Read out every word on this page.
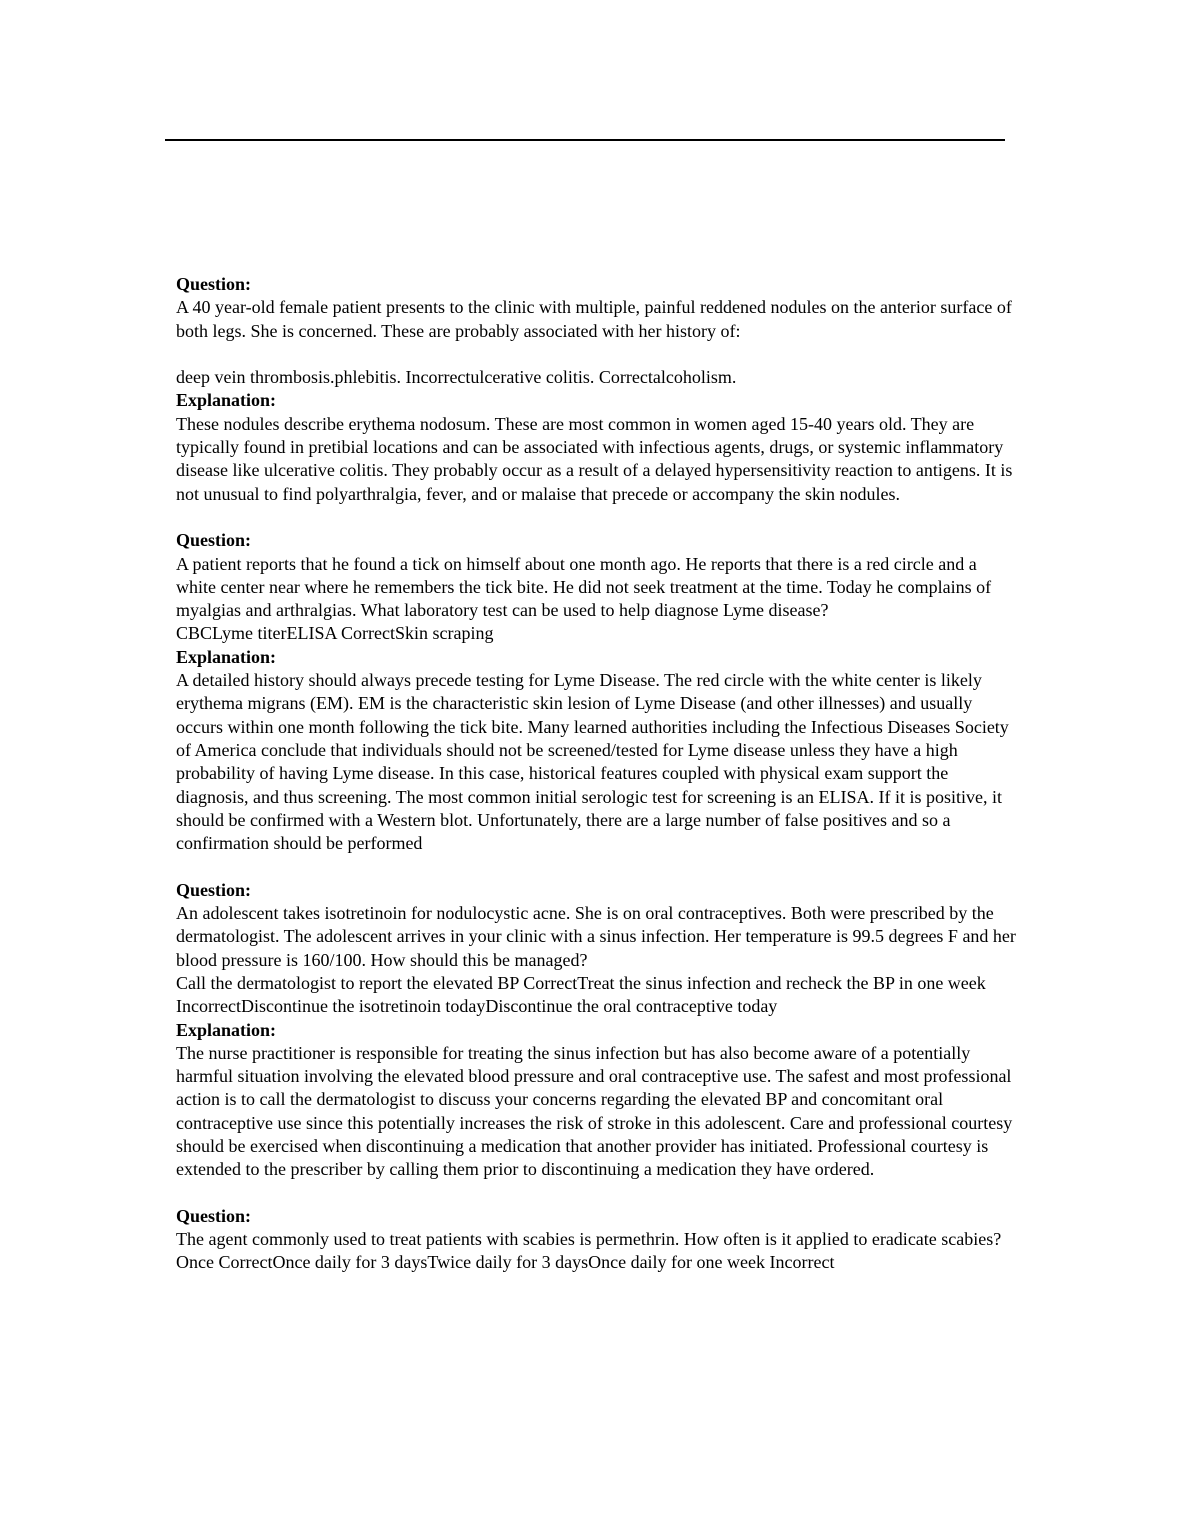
Question:

A 40 year-old female patient presents to the clinic with multiple, painful reddened nodules on the anterior surface of both legs. She is concerned. These are probably associated with her history of:

deep vein thrombosis.phlebitis. Incorrectulcerative colitis. Correctalcoholism.

Explanation:

These nodules describe erythema nodosum. These are most common in women aged 15-40 years old. They are typically found in pretibial locations and can be associated with infectious agents, drugs, or systemic inflammatory disease like ulcerative colitis. They probably occur as a result of a delayed hypersensitivity reaction to antigens. It is not unusual to find polyarthralgia, fever, and or malaise that precede or accompany the skin nodules.

Question:

A patient reports that he found a tick on himself about one month ago. He reports that there is a red circle and a white center near where he remembers the tick bite. He did not seek treatment at the time. Today he complains of myalgias and arthralgias. What laboratory test can be used to help diagnose Lyme disease?

CBCLyme titerELISA CorrectSkin scraping

Explanation:

A detailed history should always precede testing for Lyme Disease. The red circle with the white center is likely erythema migrans (EM). EM is the characteristic skin lesion of Lyme Disease (and other illnesses) and usually occurs within one month following the tick bite. Many learned authorities including the Infectious Diseases Society of America conclude that individuals should not be screened/tested for Lyme disease unless they have a high probability of having Lyme disease. In this case, historical features coupled with physical exam support the diagnosis, and thus screening. The most common initial serologic test for screening is an ELISA. If it is positive, it should be confirmed with a Western blot. Unfortunately, there are a large number of false positives and so a confirmation should be performed

Question:

An adolescent takes isotretinoin for nodulocystic acne. She is on oral contraceptives. Both were prescribed by the dermatologist. The adolescent arrives in your clinic with a sinus infection. Her temperature is 99.5 degrees F and her blood pressure is 160/100. How should this be managed?

Call the dermatologist to report the elevated BP CorrectTreat the sinus infection and recheck the BP in one week IncorrectDiscontinue the isotretinoin todayDiscontinue the oral contraceptive today

Explanation:

The nurse practitioner is responsible for treating the sinus infection but has also become aware of a potentially harmful situation involving the elevated blood pressure and oral contraceptive use. The safest and most professional action is to call the dermatologist to discuss your concerns regarding the elevated BP and concomitant oral contraceptive use since this potentially increases the risk of stroke in this adolescent. Care and professional courtesy should be exercised when discontinuing a medication that another provider has initiated. Professional courtesy is extended to the prescriber by calling them prior to discontinuing a medication they have ordered.

Question:

The agent commonly used to treat patients with scabies is permethrin. How often is it applied to eradicate scabies?

Once CorrectOnce daily for 3 daysTwice daily for 3 daysOnce daily for one week Incorrect
